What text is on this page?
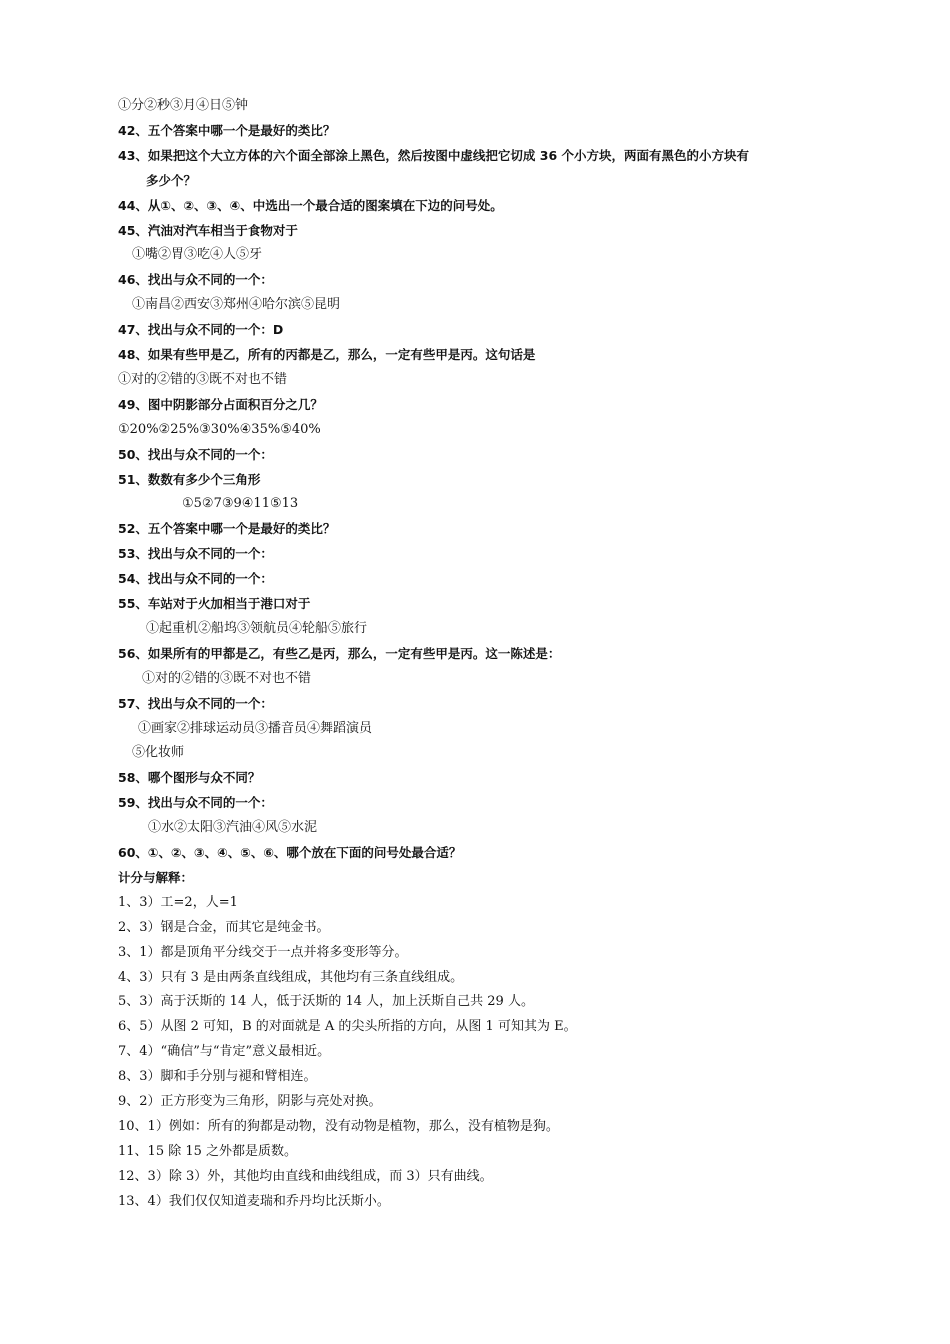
①分②秒③月④日⑤钟
42、五个答案中哪一个是最好的类比？
43、如果把这个大立方体的六个面全部涂上黑色，然后按图中虚线把它切成 36 个小方块，两面有黑色的小方块有
多少个？
44、从①、②、③、④、中选出一个最合适的图案填在下边的问号处。
45、汽油对汽车相当于食物对于
①嘴②胃③吃④人⑤牙
46、找出与众不同的一个：
①南昌②西安③郑州④哈尔滨⑤昆明
47、找出与众不同的一个：D
48、如果有些甲是乙，所有的丙都是乙，那么，一定有些甲是丙。这句话是
①对的②错的③既不对也不错
49、图中阴影部分占面积百分之几？
①20%②25%③30%④35%⑤40%
50、找出与众不同的一个：
51、数数有多少个三角形
①5②7③9④11⑤13
52、五个答案中哪一个是最好的类比？
53、找出与众不同的一个：
54、找出与众不同的一个：
55、车站对于火加相当于港口对于
①起重机②船坞③领航员④轮船⑤旅行
56、如果所有的甲都是乙，有些乙是丙，那么，一定有些甲是丙。这一陈述是：
①对的②错的③既不对也不错
57、找出与众不同的一个：
①画家②排球运动员③播音员④舞蹈演员
⑤化妆师
58、哪个图形与众不同？
59、找出与众不同的一个：
①水②太阳③汽油④风⑤水泥
60、①、②、③、④、⑤、⑥、哪个放在下面的问号处最合适？
计分与解释：
1、3）工=2，人=1
2、3）钢是合金，而其它是纯金书。
3、1）都是顶角平分线交于一点并将多变形等分。
4、3）只有 3 是由两条直线组成，其他均有三条直线组成。
5、3）高于沃斯的 14 人，低于沃斯的 14 人，加上沃斯自己共 29 人。
6、5）从图 2 可知，B 的对面就是 A 的尖头所指的方向，从图 1 可知其为 E。
7、4）“确信”与“肯定”意义最相近。
8、3）脚和手分别与褪和臂相连。
9、2）正方形变为三角形，阴影与亮处对换。
10、1）例如：所有的狗都是动物，没有动物是植物，那么，没有植物是狗。
11、15 除 15 之外都是质数。
12、3）除 3）外，其他均由直线和曲线组成，而 3）只有曲线。
13、4）我们仅仅知道麦瑞和乔丹均比沃斯小。
